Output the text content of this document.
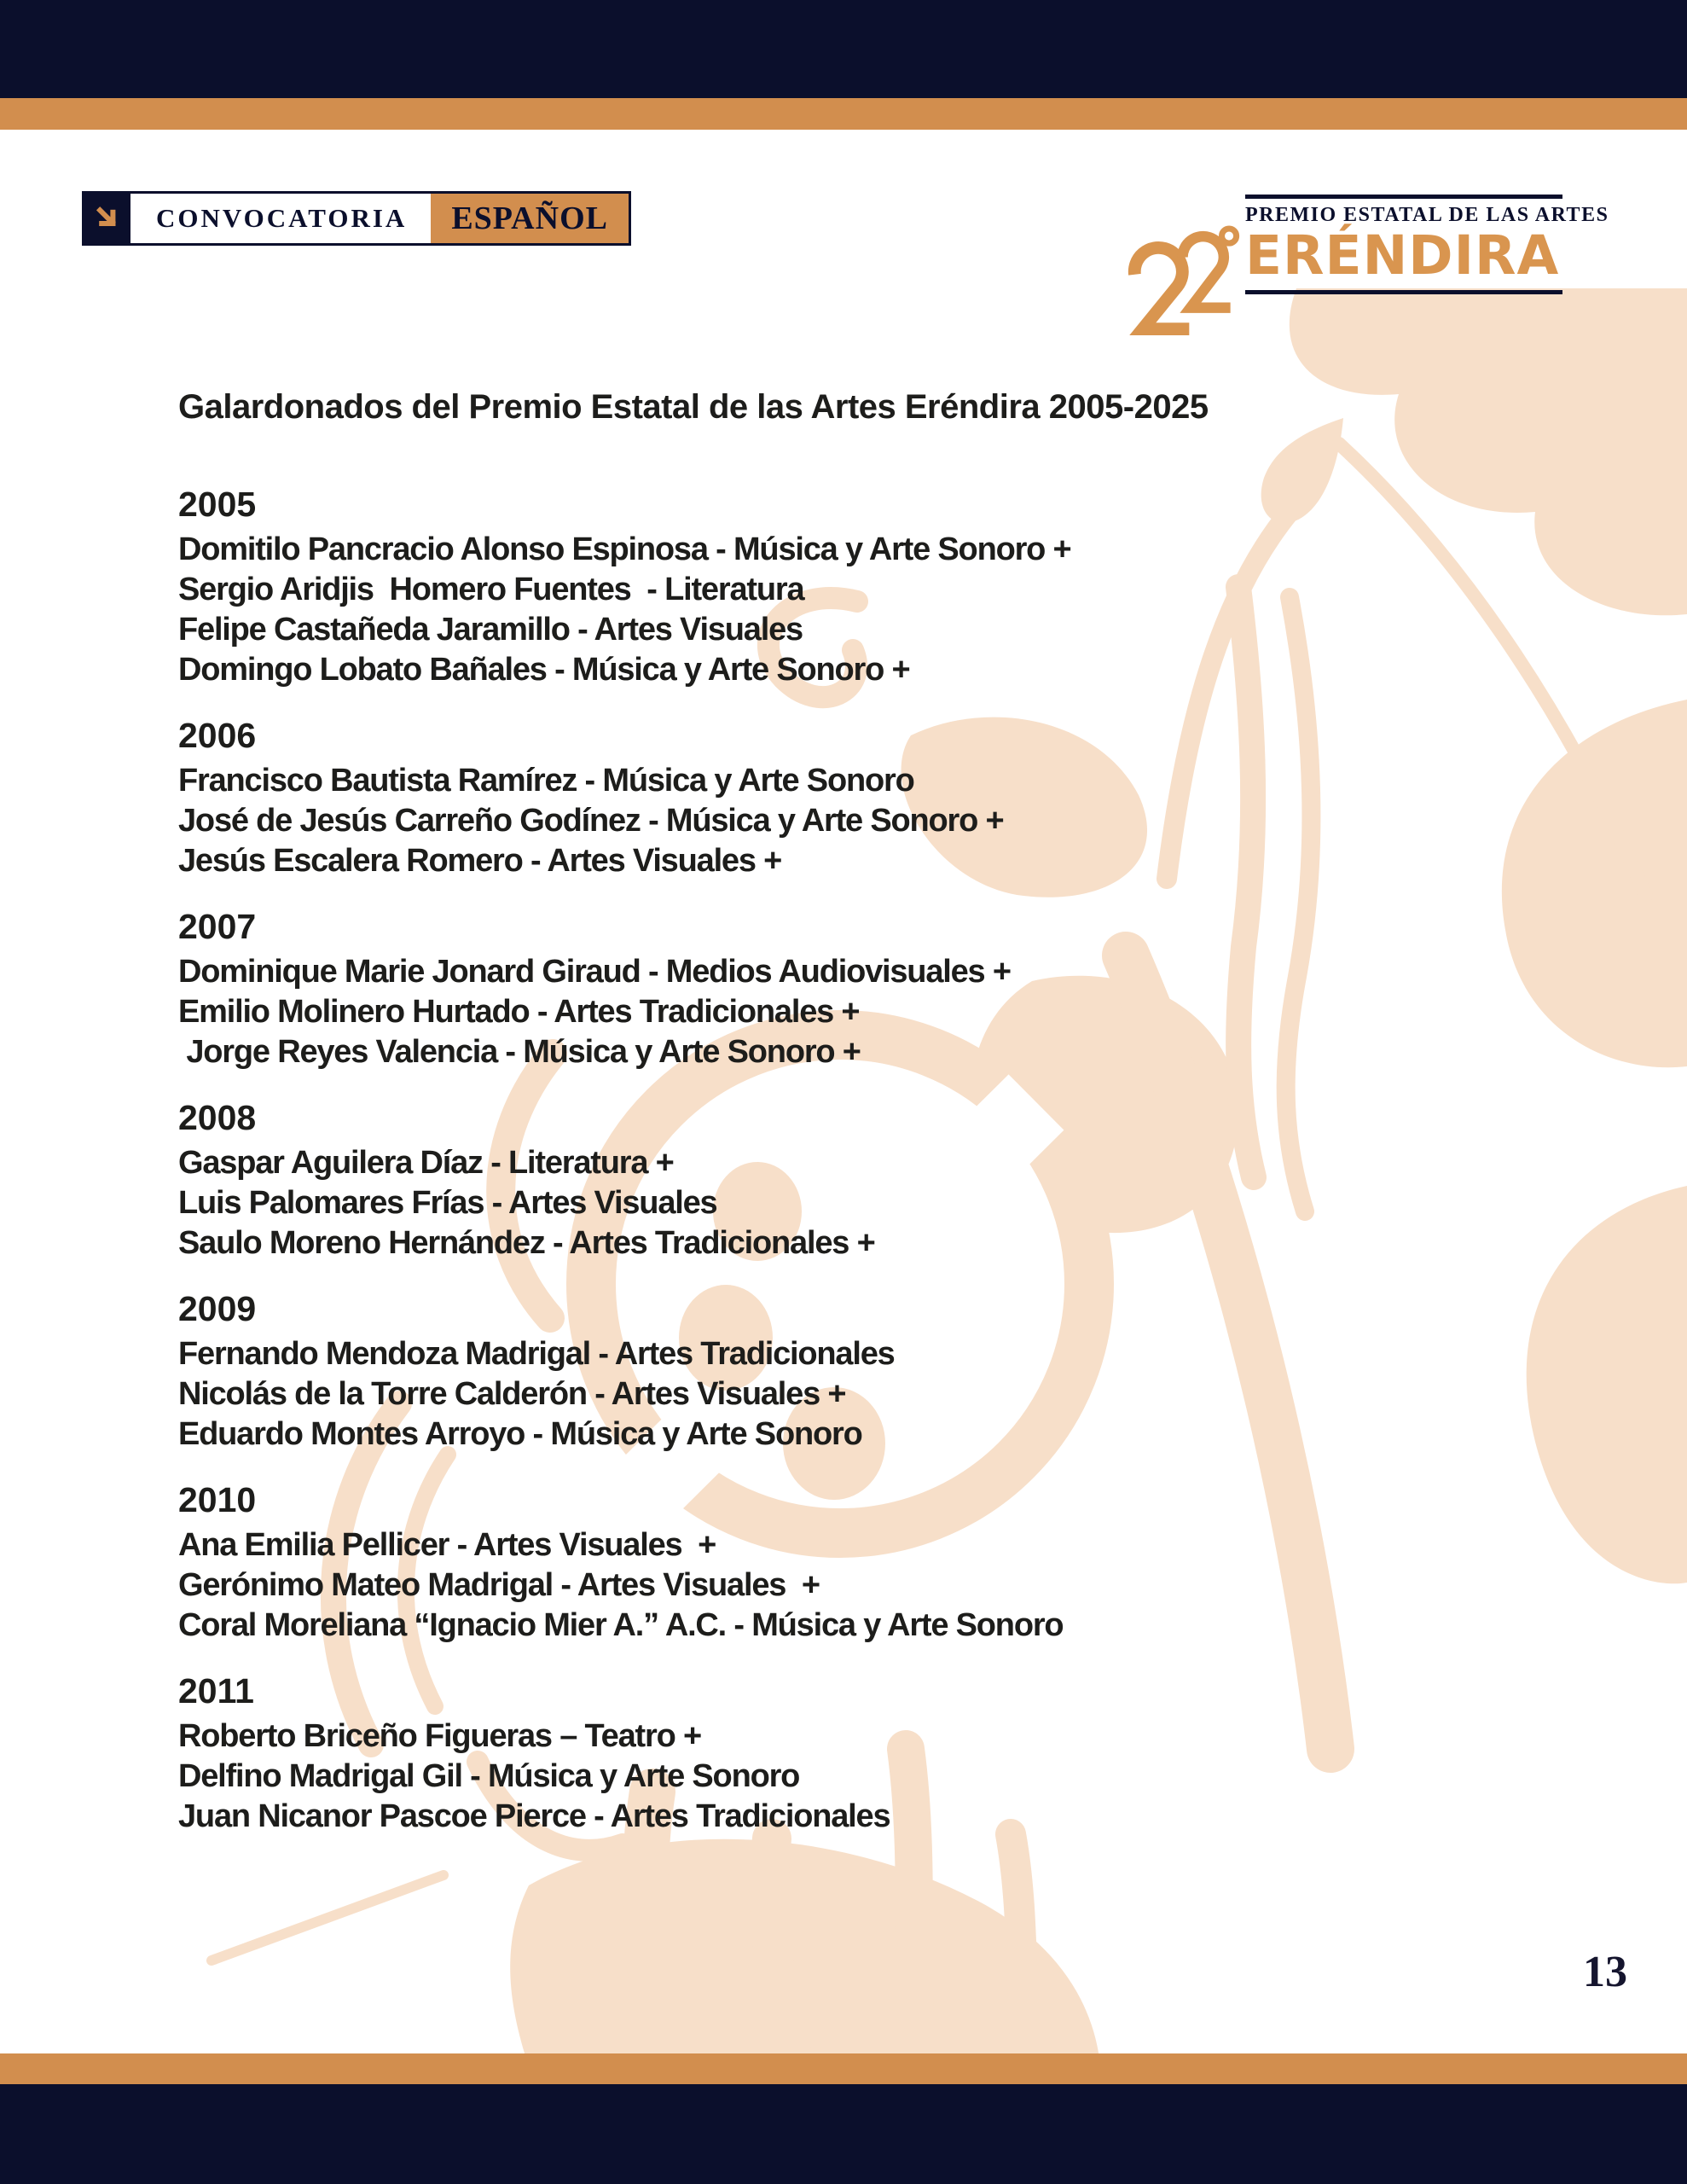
CONVOCATORIA ESPAÑOL	PREMIO ESTATAL DE LAS ARTES
ERÉNDIRA
Galardonados del Premio Estatal de las Artes Eréndira 2005-2025
2005

Domitilo Pancracio Alonso Espinosa - Música y Arte Sonoro +

Sergio Aridjis  Homero Fuentes  - Literatura

Felipe Castañeda Jaramillo - Artes Visuales

Domingo Lobato Bañales - Música y Arte Sonoro +

2006

Francisco Bautista Ramírez - Música y Arte Sonoro

José de Jesús Carreño Godínez - Música y Arte Sonoro +

Jesús Escalera Romero - Artes Visuales +

2007

Dominique Marie Jonard Giraud - Medios Audiovisuales +

Emilio Molinero Hurtado - Artes Tradicionales +

Jorge Reyes Valencia - Música y Arte Sonoro +

2008

Gaspar Aguilera Díaz - Literatura +

Luis Palomares Frías - Artes Visuales

Saulo Moreno Hernández - Artes Tradicionales +

2009

Fernando Mendoza Madrigal - Artes Tradicionales

Nicolás de la Torre Calderón - Artes Visuales +

Eduardo Montes Arroyo - Música y Arte Sonoro

2010

Ana Emilia Pellicer - Artes Visuales  +

Gerónimo Mateo Madrigal - Artes Visuales  +

Coral Moreliana “Ignacio Mier A.” A.C. - Música y Arte Sonoro

2011

Roberto Briceño Figueras – Teatro +

Delfino Madrigal Gil - Música y Arte Sonoro

Juan Nicanor Pascoe Pierce - Artes Tradicionales

13
